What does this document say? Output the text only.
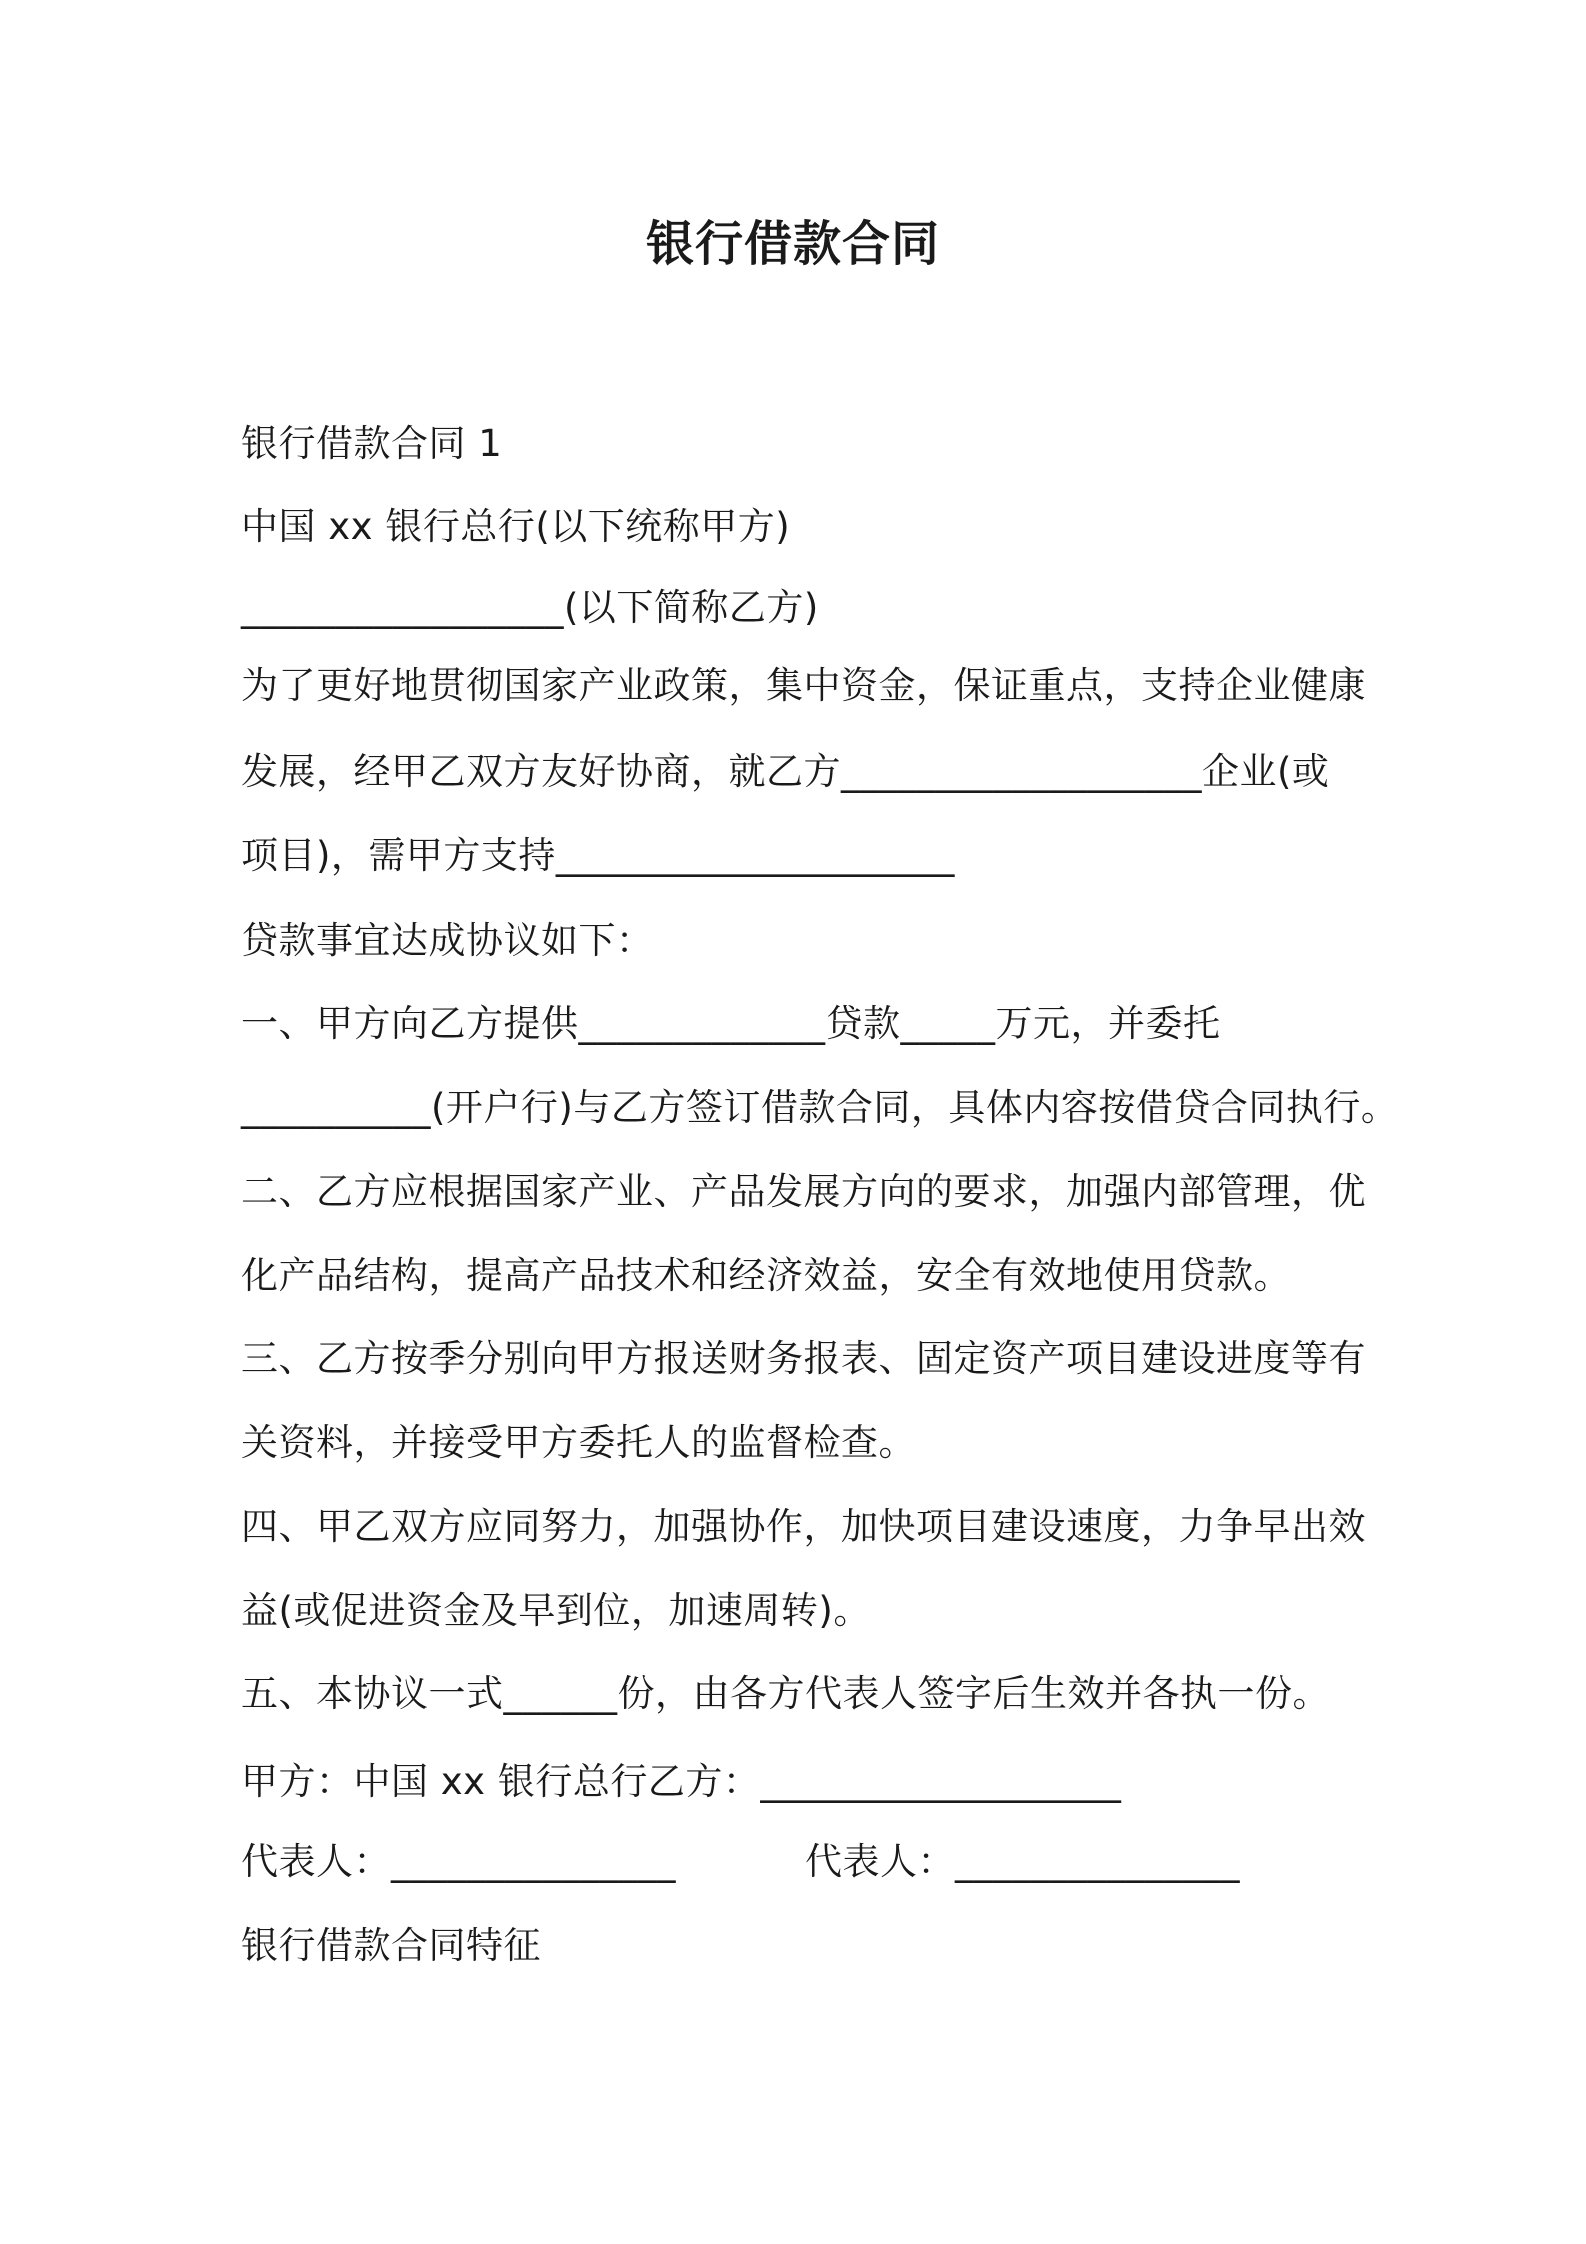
银行借款合同
银行借款合同 1
中国 xx 银行总行(以下统称甲方)
_________________(以下简称乙方)
为了更好地贯彻国家产业政策，集中资金，保证重点，支持企业健康
发展，经甲乙双方友好协商，就乙方___________________企业(或
项目)，需甲方支持_____________________
贷款事宜达成协议如下：
一、甲方向乙方提供_____________贷款_____万元，并委托
__________(开户行)与乙方签订借款合同，具体内容按借贷合同执行。
二、乙方应根据国家产业、产品发展方向的要求，加强内部管理，优
化产品结构，提高产品技术和经济效益，安全有效地使用贷款。
三、乙方按季分别向甲方报送财务报表、固定资产项目建设进度等有
关资料，并接受甲方委托人的监督检查。
四、甲乙双方应同努力，加强协作，加快项目建设速度，力争早出效
益(或促进资金及早到位，加速周转)。
五、本协议一式______份，由各方代表人签字后生效并各执一份。
甲方：中国 xx 银行总行乙方：___________________
代表人：_______________	代表人：_______________
银行借款合同特征
